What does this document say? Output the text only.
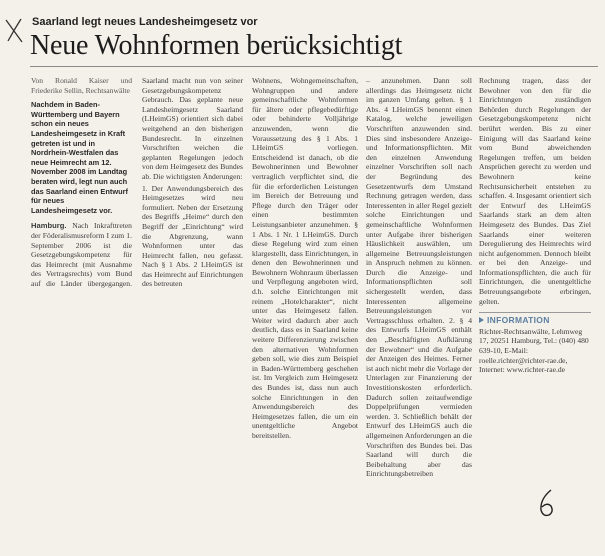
Saarland legt neues Landesheimgesetz vor
Neue Wohnformen berücksichtigt
Von Ronald Kaiser und Friederike Sellin, Rechtsanwälte
Nachdem in Baden-Württemberg und Bayern schon ein neues Landesheimgesetz in Kraft getreten ist und in Nordrhein-Westfalen das neue Heimrecht am 12. November 2008 im Landtag beraten wird, legt nun auch das Saarland einen Entwurf für neues Landesheimgesetz vor.

Hamburg. Nach Inkrafttreten der Föderalismusreform I zum 1. September 2006 ist die Gesetzgebungskompetenz für das Heimrecht (mit Ausnahme des Vertragsrechts) vom Bund auf die Länder übergegangen. Saarland macht nun von seiner Gesetzgebungskompetenz Gebrauch. Das geplante neue Landesheimgesetz Saarland (LHeimGS) orientiert sich dabei weitgehend an den bisherigen Bundesrecht. In einzelnen Vorschriften weichen die geplanten Regelungen jedoch von dem Heimgesetz des Bundes ab. Die wichtigsten Änderungen:

1. Der Anwendungsbereich des Heimgesetzes wird neu formuliert. Neben der Ersetzung des Begriffs „Heime“ durch den Begriff der „Einrichtung“ wird die Abgrenzung, wann Wohnformen unter das Heimrecht fallen, neu gefasst. Nach § 1 Abs. 2 LHeimGS ist das Heimrecht auf Einrichtungen des betreuten

Wohnens, Wohngemeinschaften, Wohngruppen und andere gemeinschaftliche Wohnformen für ältere oder pflegebedürftige oder behinderte Volljährige anzuwenden, wenn die Voraussetzung des § 1 Abs. 1 LHeimGS vorliegen. Entscheidend ist danach, ob die Bewohnerinnen und Bewohner vertraglich verpflichtet sind, die für die erforderlichen Leistungen im Bereich der Betreuung und Pflege durch den Träger oder einen bestimmten Leistungsanbieter anzunehmen. § 1 Abs. 1 Nr. 1 LHeimGS. Durch diese Regelung wird zum einen klargestellt, dass Einrichtungen, in denen den Bewohnerinnen und Bewohnern Wohnraum überlassen und Verpflegung angeboten wird, d.h. solche Einrichtungen mit reinem „Hotelcharakter“, nicht unter das Heimgesetz fallen. Weiter wird dadurch aber auch deutlich, dass es in Saarland keine weitere Differenzierung zwischen den alternativen Wohnformen geben soll, wie dies zum Beispiel in Baden-Württemberg geschehen ist. Im Vergleich zum Heimgesetz des Bundes ist, dass nun auch solche Einrichtungen in den Anwendungsbereich des Heimgesetzes fallen, die um ein unentgeltliche Angebot bereitstellen.

– anzunehmen. Dann soll allerdings das Heimgesetz nicht im ganzen Umfang gelten. § 1 Abs. 4 LHeimGS benennt einen Katalog, welche jeweiligen Vorschriften anzuwenden sind. Dies sind insbesondere Anzeige- und Informationspflichten. Mit den einzelnen Anwendung einzelner Vorschriften soll nach der Begründung des Gesetzentwurfs dem Umstand Rechnung getragen werden, dass Interessenten in aller Regel gezielt solche Einrichtungen und gemeinschaftliche Wohnformen unter Aufgabe ihrer bisherigen Häuslichkeit auswählen, um allgemeine Betreuungsleistungen in Anspruch nehmen zu können. Durch die Anzeige- und Informationspflichten soll sichergestellt werden, dass Interessenten allgemeine Betreuungsleistungen vor Vertragsschluss erhalten. 2. § 4 des Entwurfs LHeimGS enthält den „Beschäftigten Aufklärung der Bewohner“ und die Aufgabe der Anzeigen des Heimes. Ferner ist auch nicht mehr die Vorlage der Unterlagen zur Finanzierung der Investitionskosten erforderlich. Dadurch sollen zeitaufwendige Doppelprüfungen vermieden werden. 3. Schließlich behält der Entwurf des LHeimGS auch die allgemeinen Anforderungen an die Vorschriften des Bundes bei. Das Saarland will durch die Beibehaltung aber das Einrichtungsbetreiben

Rechnung tragen, dass der Bewohner von den für die Einrichtungen zuständigen Behörden durch Regelungen der Gesetzgebungskompetenz nicht berührt werden. Bis zu einer Einigung will das Saarland keine vom Bund abweichenden Regelungen treffen, um beiden Ansprüchen gerecht zu werden und Bewohnern keine Rechtsunsicherheit entstehen zu schaffen. 4. Insgesamt orientiert sich der Entwurf des LHeimGS Saarlands stark an dem alten Heimgesetz des Bundes. Das Ziel Saarlands einer weiteren Deregulierung des Heimrechts wird nicht aufgenommen. Dennoch bleibt er bei den Anzeige- und Informationspflichten, die auch für Einrichtungen, die unentgeltliche Betreuungsangebote erbringen, gelten.

INFORMATION
Richter-Rechtsanwälte, Lehmweg 17, 20251 Hamburg, Tel.: (040) 480 639-10, E-Mail: roelle.richter@richter-rae.de, Internet: www.richter-rae.de
